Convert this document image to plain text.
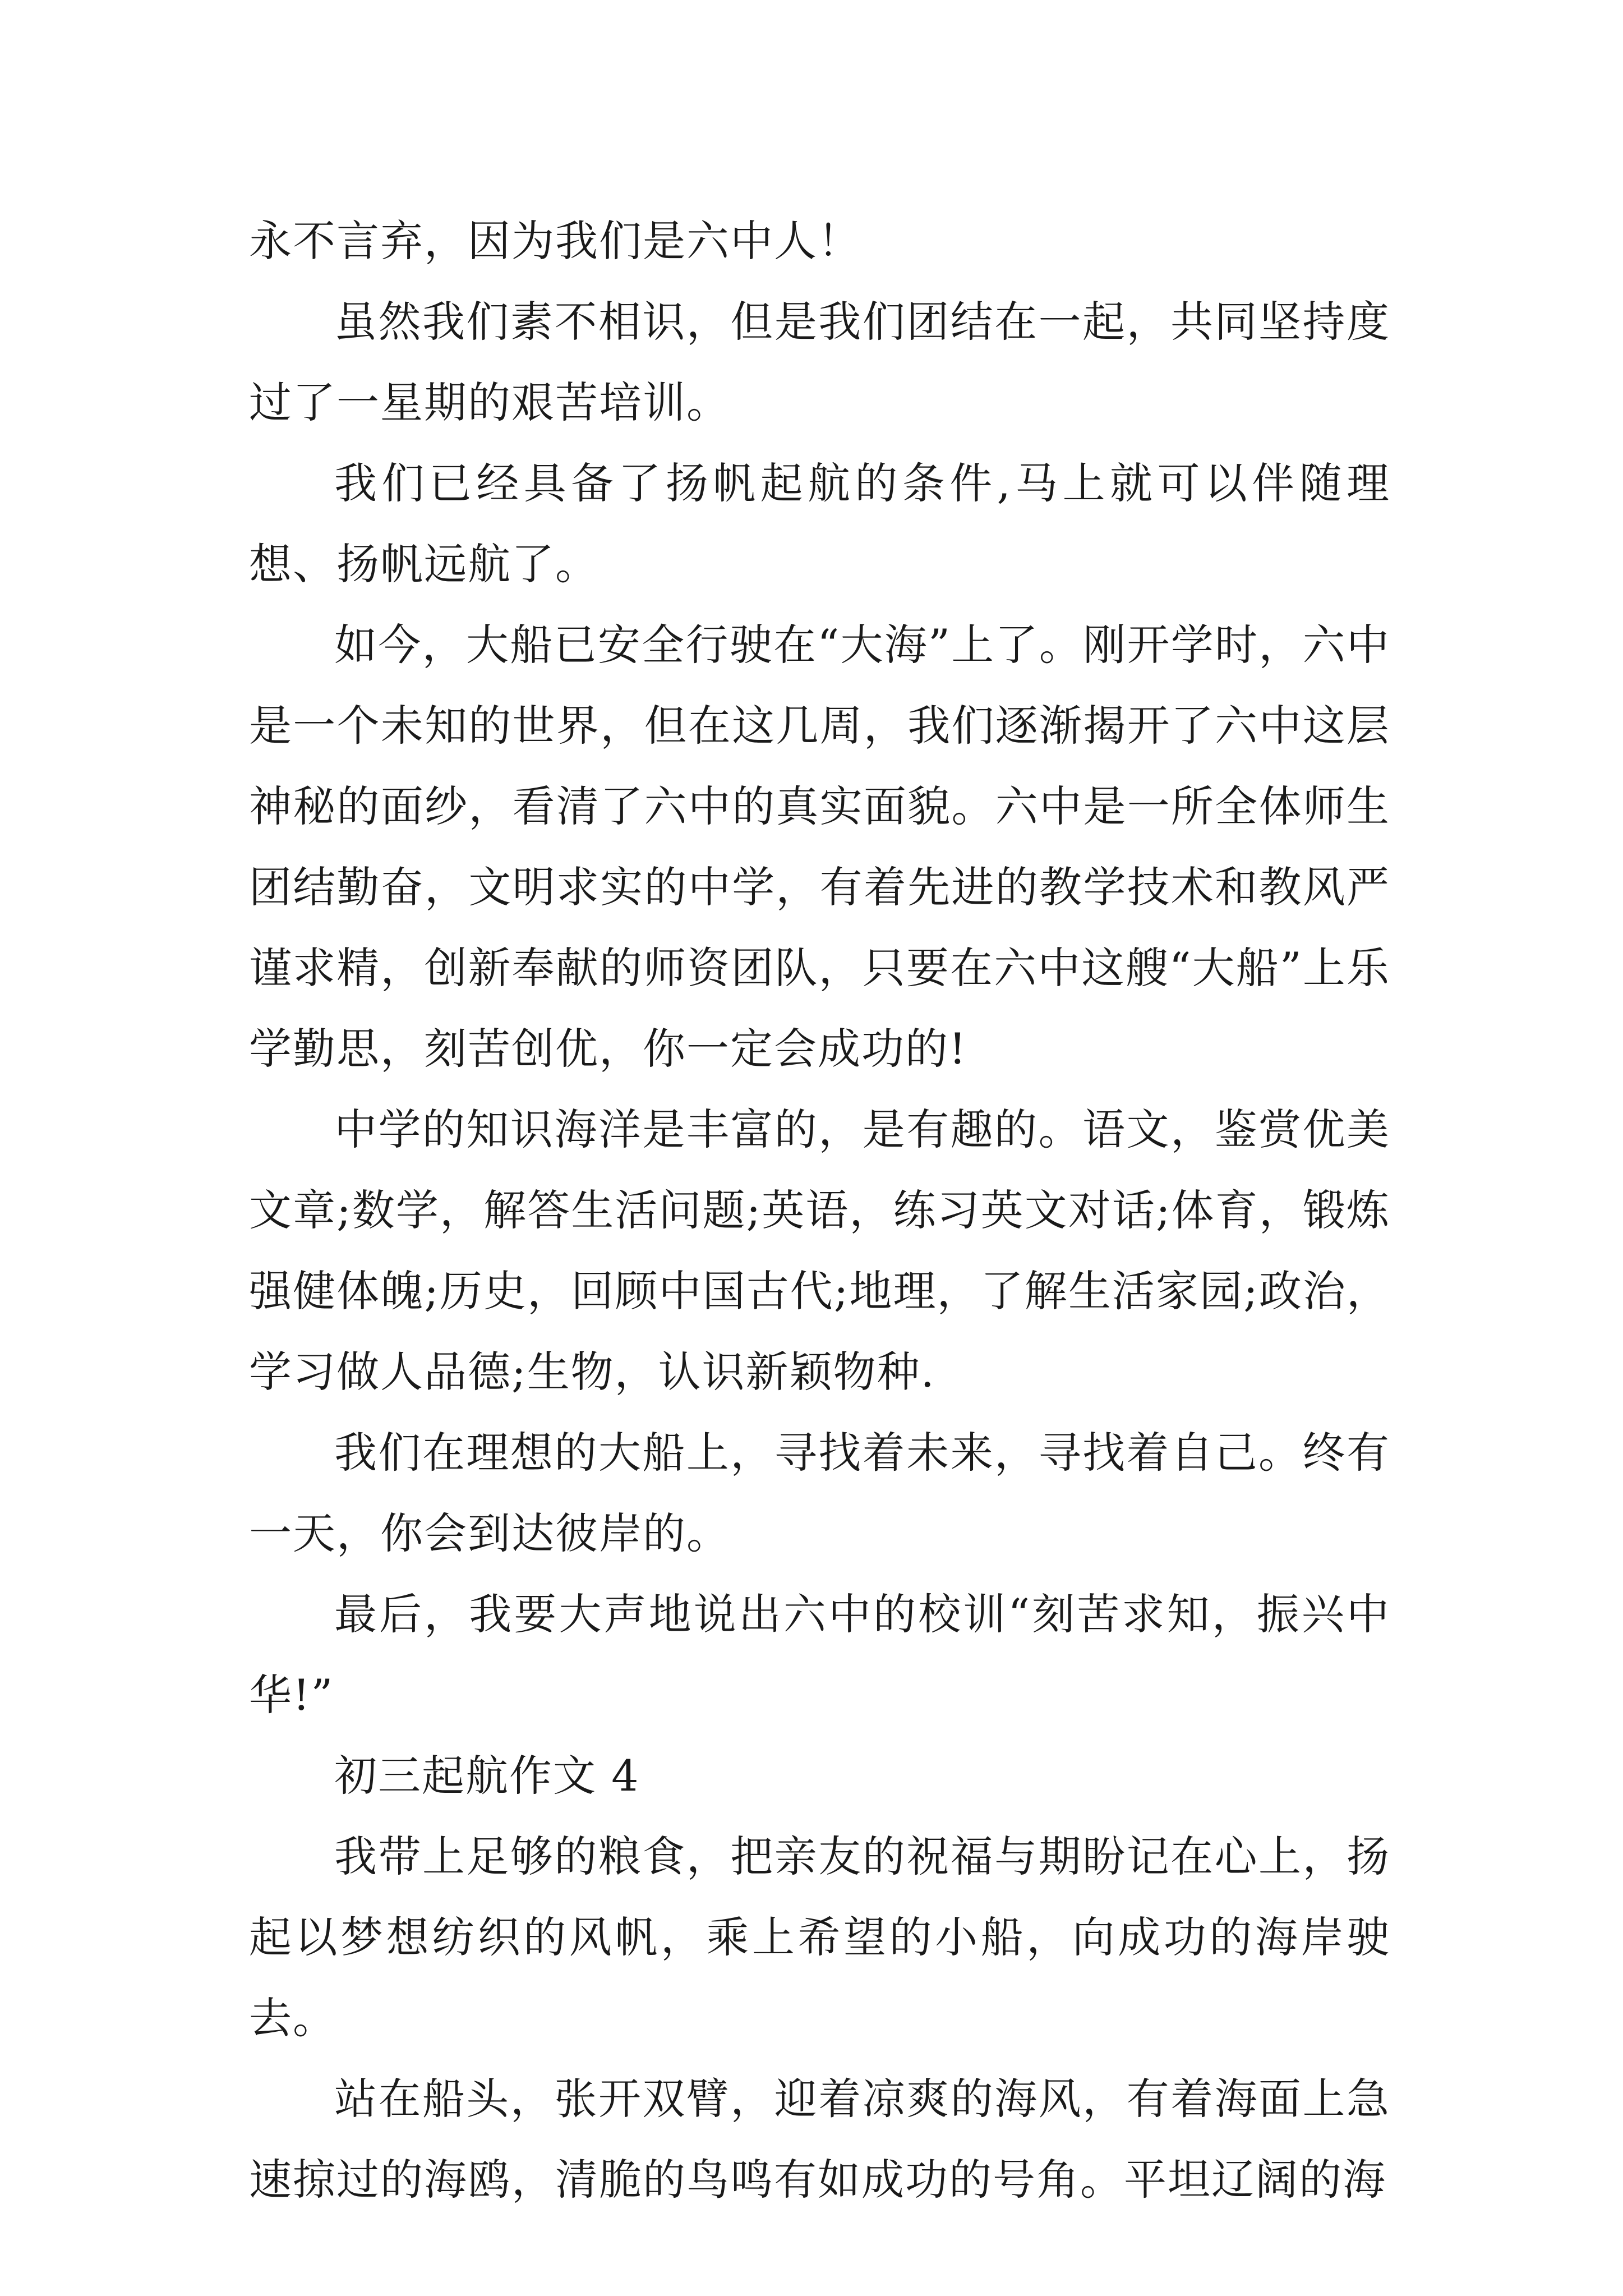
永不言弃，因为我们是六中人！

虽然我们素不相识，但是我们团结在一起，共同坚持度过了一星期的艰苦培训。

我们已经具备了扬帆起航的条件,马上就可以伴随理想、扬帆远航了。

如今，大船已安全行驶在“大海”上了。刚开学时，六中是一个未知的世界，但在这几周，我们逐渐揭开了六中这层神秘的面纱，看清了六中的真实面貌。六中是一所全体师生团结勤奋，文明求实的中学，有着先进的教学技术和教风严谨求精，创新奉献的师资团队，只要在六中这艘“大船”上乐学勤思，刻苦创优，你一定会成功的!

中学的知识海洋是丰富的，是有趣的。语文，鉴赏优美文章;数学，解答生活问题;英语，练习英文对话;体育，锻炼强健体魄;历史，回顾中国古代;地理，了解生活家园;政治，学习做人品德;生物，认识新颖物种.

我们在理想的大船上，寻找着未来，寻找着自己。终有一天，你会到达彼岸的。

最后，我要大声地说出六中的校训“刻苦求知，振兴中华!”

初三起航作文 4

我带上足够的粮食，把亲友的祝福与期盼记在心上，扬起以梦想纺织的风帆，乘上希望的小船，向成功的海岸驶去。

站在船头，张开双臂，迎着凉爽的海风，有着海面上急速掠过的海鸥，清脆的鸟鸣有如成功的号角。平坦辽阔的海
